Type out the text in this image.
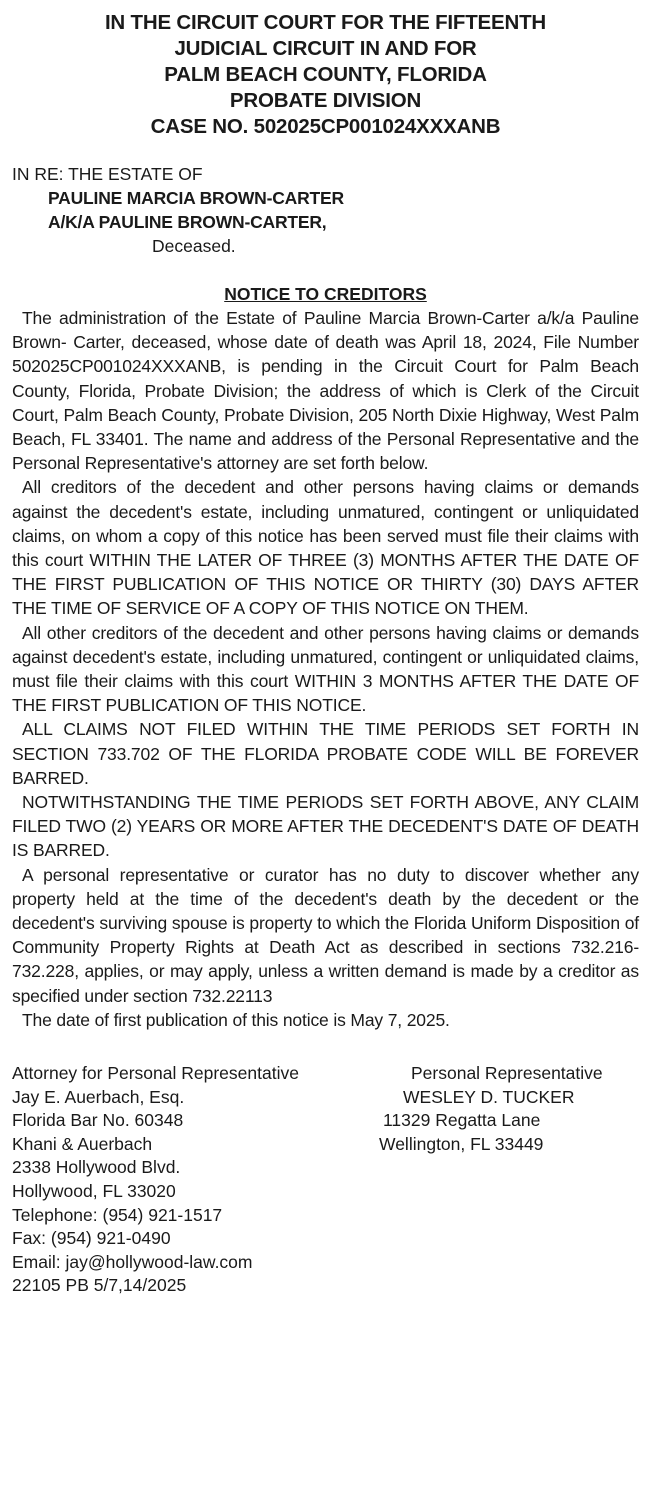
IN THE CIRCUIT COURT FOR THE FIFTEENTH
JUDICIAL CIRCUIT IN AND FOR
PALM BEACH COUNTY, FLORIDA
PROBATE DIVISION
CASE NO. 502025CP001024XXXANB
IN RE: THE ESTATE OF
PAULINE MARCIA BROWN-CARTER
A/K/A PAULINE BROWN-CARTER,
Deceased.
NOTICE TO CREDITORS

The administration of the Estate of Pauline Marcia Brown-Carter a/k/a Pauline Brown- Carter, deceased, whose date of death was April 18, 2024, File Number 502025CP001024XXXANB, is pending in the Circuit Court for Palm Beach County, Florida, Probate Division; the address of which is Clerk of the Circuit Court, Palm Beach County, Probate Division, 205 North Dixie Highway, West Palm Beach, FL 33401. The name and address of the Personal Representative and the Personal Representative's attorney are set forth below.

All creditors of the decedent and other persons having claims or demands against the decedent's estate, including unmatured, contingent or unliquidated claims, on whom a copy of this notice has been served must file their claims with this court WITHIN THE LATER OF THREE (3) MONTHS AFTER THE DATE OF THE FIRST PUBLICATION OF THIS NOTICE OR THIRTY (30) DAYS AFTER THE TIME OF SERVICE OF A COPY OF THIS NOTICE ON THEM.

All other creditors of the decedent and other persons having claims or demands against decedent's estate, including unmatured, contingent or unliquidated claims, must file their claims with this court WITHIN 3 MONTHS AFTER THE DATE OF THE FIRST PUBLICATION OF THIS NOTICE.

ALL CLAIMS NOT FILED WITHIN THE TIME PERIODS SET FORTH IN SECTION 733.702 OF THE FLORIDA PROBATE CODE WILL BE FOREVER BARRED.

NOTWITHSTANDING THE TIME PERIODS SET FORTH ABOVE, ANY CLAIM FILED TWO (2) YEARS OR MORE AFTER THE DECEDENT'S DATE OF DEATH IS BARRED.

A personal representative or curator has no duty to discover whether any property held at the time of the decedent's death by the decedent or the decedent's surviving spouse is property to which the Florida Uniform Disposition of Community Property Rights at Death Act as described in sections 732.216-732.228, applies, or may apply, unless a written demand is made by a creditor as specified under section 732.22113

The date of first publication of this notice is May 7, 2025.

Attorney for Personal Representative
Jay E. Auerbach, Esq.
Florida Bar No. 60348
Khani & Auerbach
2338 Hollywood Blvd.
Hollywood, FL 33020
Telephone: (954) 921-1517
Fax: (954) 921-0490
Email: jay@hollywood-law.com
22105 PB 5/7,14/2025
Personal Representative
WESLEY D. TUCKER
11329 Regatta Lane
Wellington, FL 33449
